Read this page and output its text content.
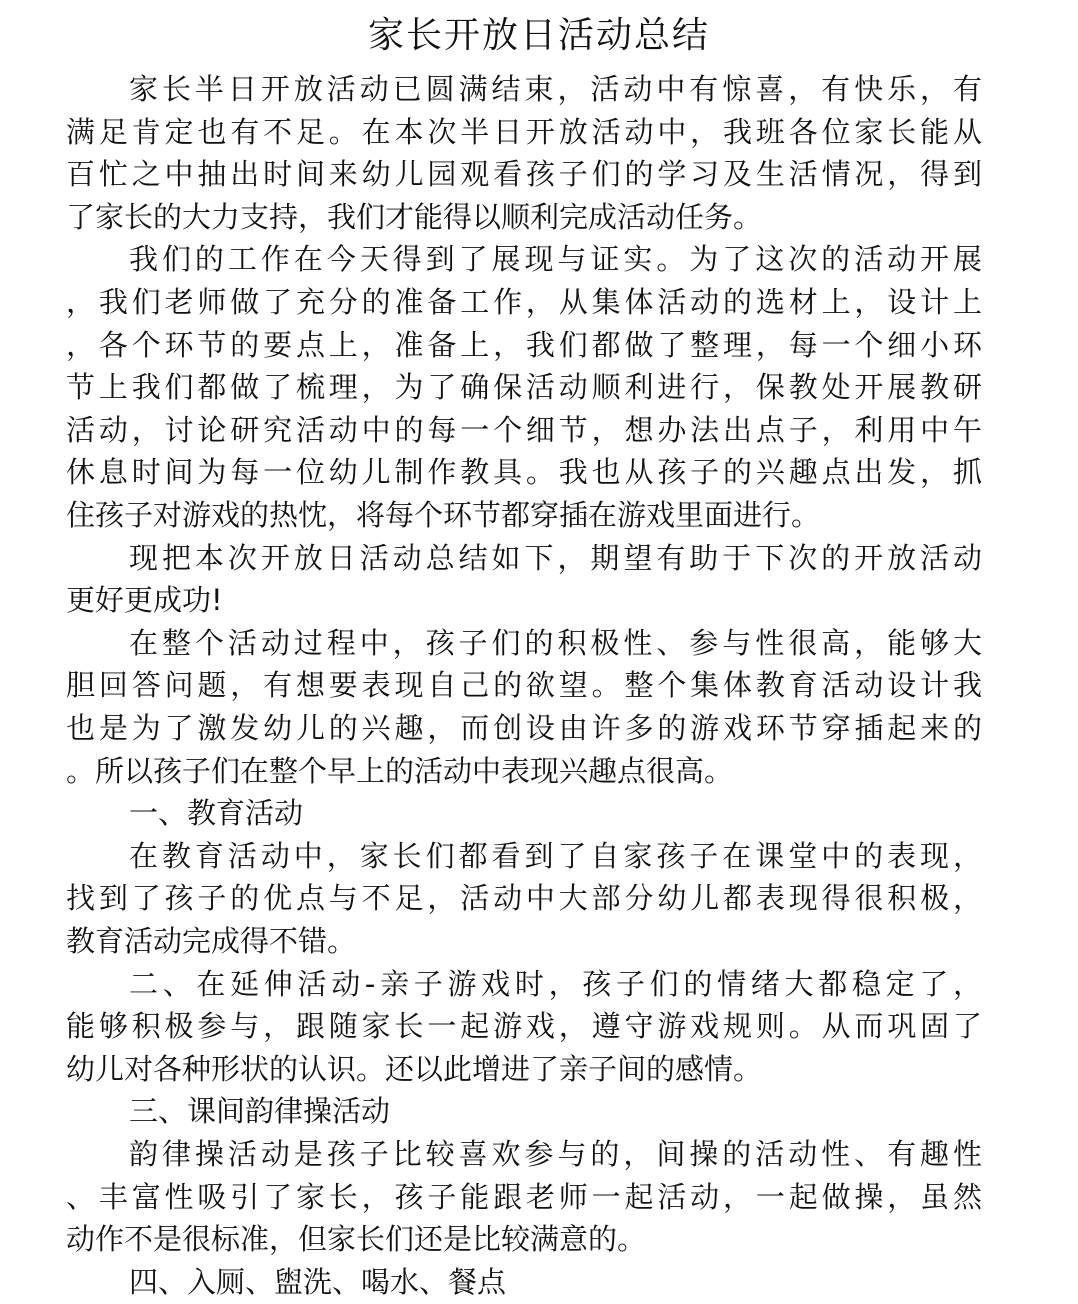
家长开放日活动总结
家长半日开放活动已圆满结束，活动中有惊喜，有快乐，有
满足肯定也有不足。在本次半日开放活动中，我班各位家长能从
百忙之中抽出时间来幼儿园观看孩子们的学习及生活情况，得到
了家长的大力支持，我们才能得以顺利完成活动任务。
我们的工作在今天得到了展现与证实。为了这次的活动开展
，我们老师做了充分的准备工作，从集体活动的选材上，设计上
，各个环节的要点上，准备上，我们都做了整理，每一个细小环
节上我们都做了梳理，为了确保活动顺利进行，保教处开展教研
活动，讨论研究活动中的每一个细节，想办法出点子，利用中午
休息时间为每一位幼儿制作教具。我也从孩子的兴趣点出发，抓
住孩子对游戏的热忱，将每个环节都穿插在游戏里面进行。
现把本次开放日活动总结如下，期望有助于下次的开放活动
更好更成功!
在整个活动过程中，孩子们的积极性、参与性很高，能够大
胆回答问题，有想要表现自己的欲望。整个集体教育活动设计我
也是为了激发幼儿的兴趣，而创设由许多的游戏环节穿插起来的
。所以孩子们在整个早上的活动中表现兴趣点很高。
一、教育活动
在教育活动中，家长们都看到了自家孩子在课堂中的表现，
找到了孩子的优点与不足，活动中大部分幼儿都表现得很积极，
教育活动完成得不错。
二、在延伸活动-亲子游戏时，孩子们的情绪大都稳定了，
能够积极参与，跟随家长一起游戏，遵守游戏规则。从而巩固了
幼儿对各种形状的认识。还以此增进了亲子间的感情。
三、课间韵律操活动
韵律操活动是孩子比较喜欢参与的，间操的活动性、有趣性
、丰富性吸引了家长，孩子能跟老师一起活动，一起做操，虽然
动作不是很标准，但家长们还是比较满意的。
四、入厕、盥洗、喝水、餐点
